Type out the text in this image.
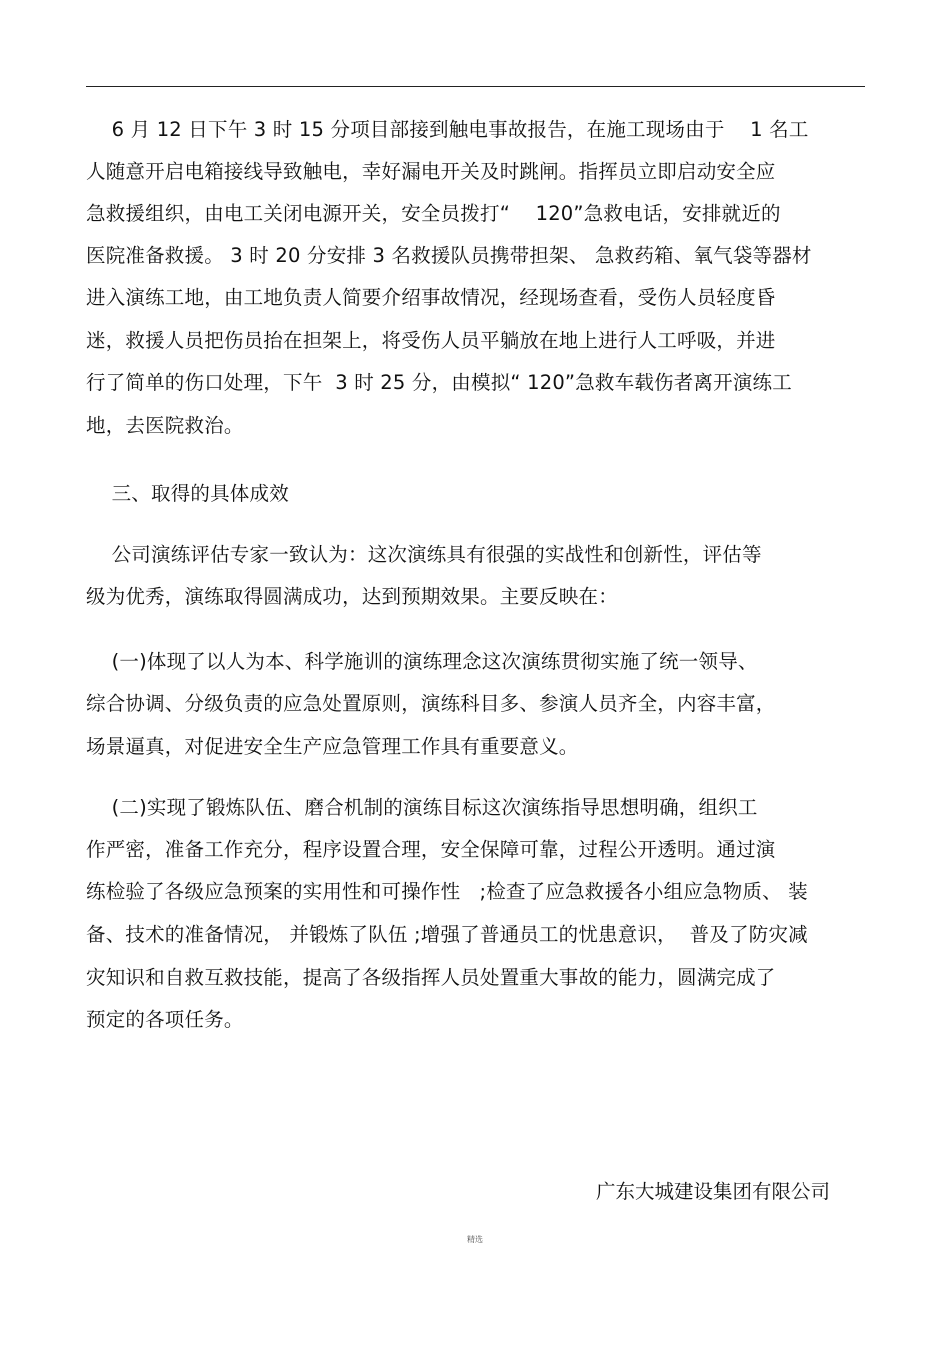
6 月 12 日下午 3 时 15 分项目部接到触电事故报告，在施工现场由于    1 名工
人随意开启电箱接线导致触电，幸好漏电开关及时跳闸。指挥员立即启动安全应
急救援组织，由电工关闭电源开关，安全员拨打“    120”急救电话，安排就近的
医院准备救援。 3 时 20 分安排 3 名救援队员携带担架、 急救药箱、氧气袋等器材
进入演练工地，由工地负责人简要介绍事故情况，经现场查看，受伤人员轻度昏
迷，救援人员把伤员抬在担架上，将受伤人员平躺放在地上进行人工呼吸，并进
行了简单的伤口处理，下午  3 时 25 分，由模拟“ 120”急救车载伤者离开演练工
地，去医院救治。
三、取得的具体成效
公司演练评估专家一致认为：这次演练具有很强的实战性和创新性，评估等
级为优秀，演练取得圆满成功，达到预期效果。主要反映在：
(一)体现了以人为本、科学施训的演练理念这次演练贯彻实施了统一领导、
综合协调、分级负责的应急处置原则，演练科目多、参演人员齐全，内容丰富，
场景逼真，对促进安全生产应急管理工作具有重要意义。
(二)实现了锻炼队伍、磨合机制的演练目标这次演练指导思想明确，组织工
作严密，准备工作充分，程序设置合理，安全保障可靠，过程公开透明。通过演
练检验了各级应急预案的实用性和可操作性   ;检查了应急救援各小组应急物质、 装
备、技术的准备情况， 并锻炼了队伍 ;增强了普通员工的忧患意识，  普及了防灾减
灾知识和自救互救技能，提高了各级指挥人员处置重大事故的能力，圆满完成了
预定的各项任务。
广东大城建设集团有限公司
精选
